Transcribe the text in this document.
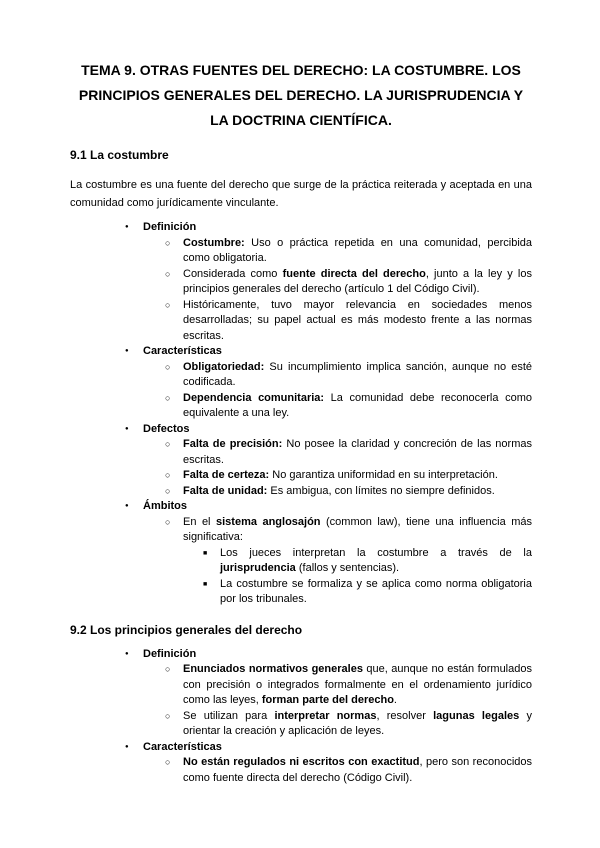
TEMA 9. OTRAS FUENTES DEL DERECHO: LA COSTUMBRE. LOS
PRINCIPIOS GENERALES DEL DERECHO. LA JURISPRUDENCIA Y
LA DOCTRINA CIENTÍFICA.
9.1 La costumbre

La costumbre es una fuente del derecho que surge de la práctica reiterada y aceptada en una comunidad como jurídicamente vinculante.

● Definición
○ Costumbre: Uso o práctica repetida en una comunidad, percibida como obligatoria.
○ Considerada como fuente directa del derecho, junto a la ley y los principios generales del derecho (artículo 1 del Código Civil).
○ Históricamente, tuvo mayor relevancia en sociedades menos desarrolladas; su papel actual es más modesto frente a las normas escritas.
● Características
○ Obligatoriedad: Su incumplimiento implica sanción, aunque no esté codificada.
○ Dependencia comunitaria: La comunidad debe reconocerla como equivalente a una ley.
● Defectos
○ Falta de precisión: No posee la claridad y concreción de las normas escritas.
○ Falta de certeza: No garantiza uniformidad en su interpretación.
○ Falta de unidad: Es ambigua, con límites no siempre definidos.
● Ámbitos
○ En el sistema anglosajón (common law), tiene una influencia más significativa:
■ Los jueces interpretan la costumbre a través de la jurisprudencia (fallos y sentencias).
■ La costumbre se formaliza y se aplica como norma obligatoria por los tribunales.
9.2 Los principios generales del derecho
● Definición
○ Enunciados normativos generales que, aunque no están formulados con precisión o integrados formalmente en el ordenamiento jurídico como las leyes, forman parte del derecho.
○ Se utilizan para interpretar normas, resolver lagunas legales y orientar la creación y aplicación de leyes.
● Características
○ No están regulados ni escritos con exactitud, pero son reconocidos como fuente directa del derecho (Código Civil).
